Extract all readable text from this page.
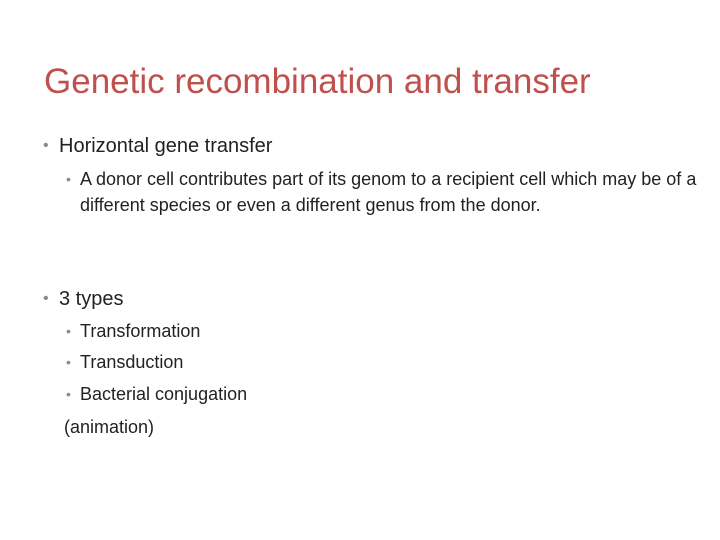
Genetic recombination and transfer
• Horizontal gene transfer
• A donor cell contributes part of its genom to a recipient cell which may be of a different species or even a different genus from the donor.
• 3 types
• Transformation
• Transduction
• Bacterial conjugation

(animation)
